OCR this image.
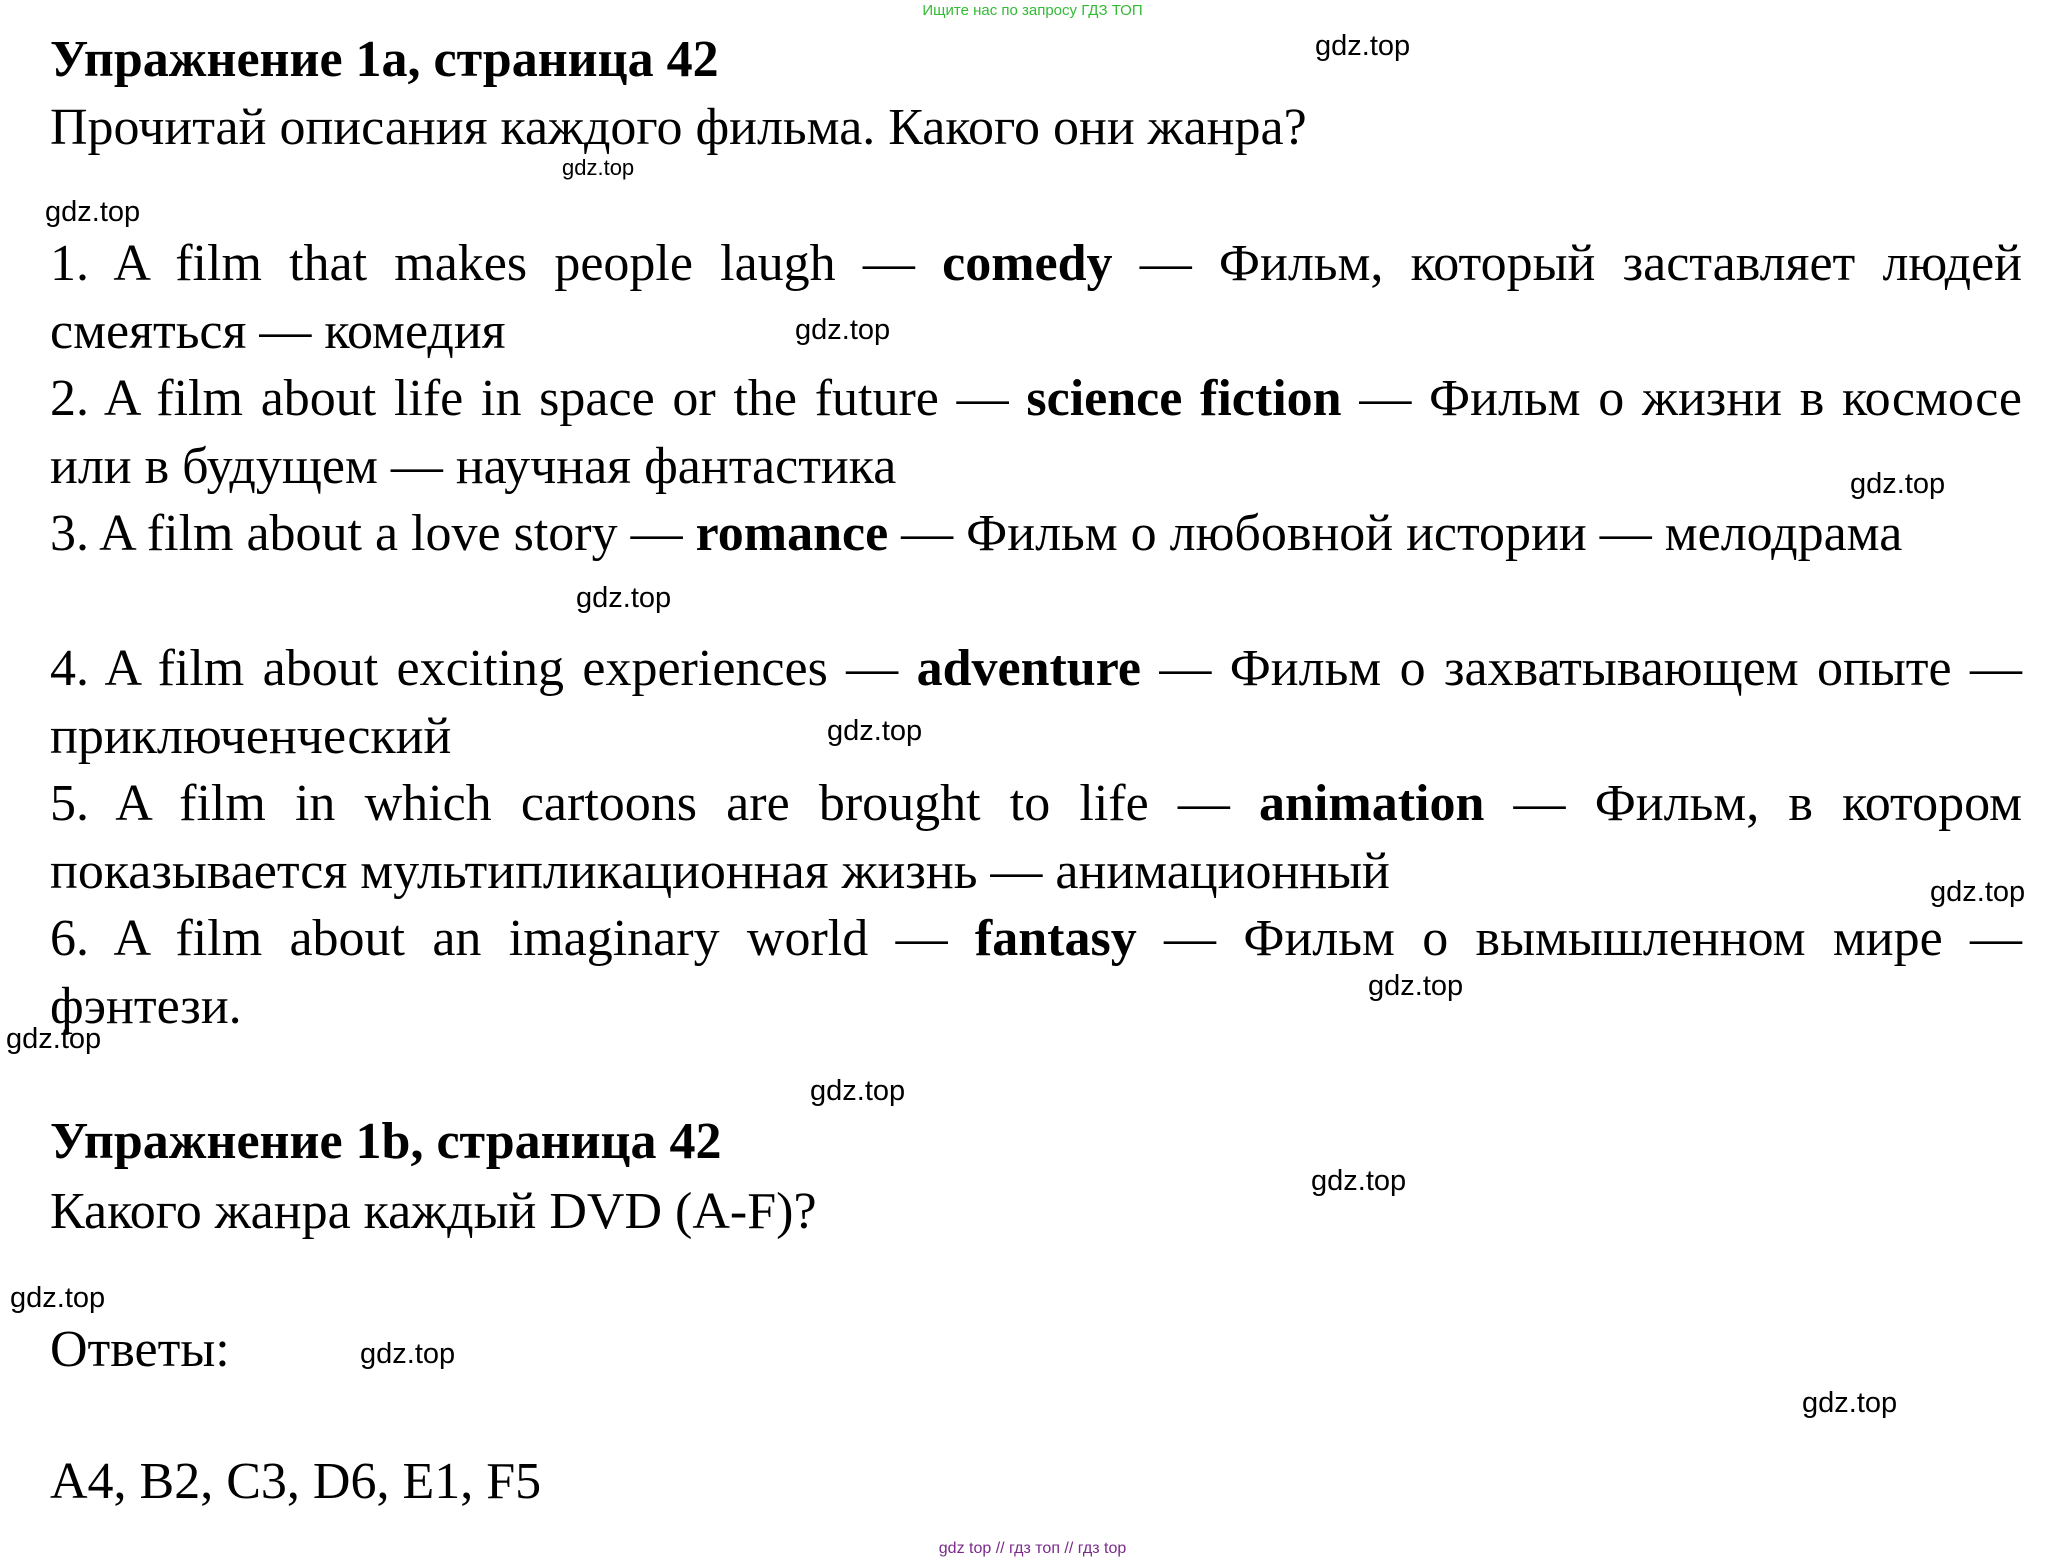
Ищите нас по запросу ГДЗ ТОП
Упражнение 1а, страница 42
Прочитай описания каждого фильма. Какого они жанра?
1. A film that makes people laugh — comedy — Фильм, который заставляет людей смеяться — комедия
2. A film about life in space or the future — science fiction — Фильм о жизни в космосе или в будущем — научная фантастика
3. A film about a love story — romance — Фильм о любовной истории — мелодрама
4. A film about exciting experiences — adventure — Фильм о захватывающем опыте — приключенческий
5. A film in which cartoons are brought to life — animation — Фильм, в котором показывается мультипликационная жизнь — анимационный
6. A film about an imaginary world — fantasy — Фильм о вымышленном мире — фэнтези.
Упражнение 1b, страница 42
Какого жанра каждый DVD (A-F)?
Ответы:
A4, B2, C3, D6, E1, F5
gdz.top
gdz.top
gdz.top
gdz.top
gdz.top
gdz.top
gdz.top
gdz.top
gdz.top
gdz.top
gdz.top
gdz.top
gdz.top
gdz.top
gdz.top
gdz top // гдз топ // гдз top
